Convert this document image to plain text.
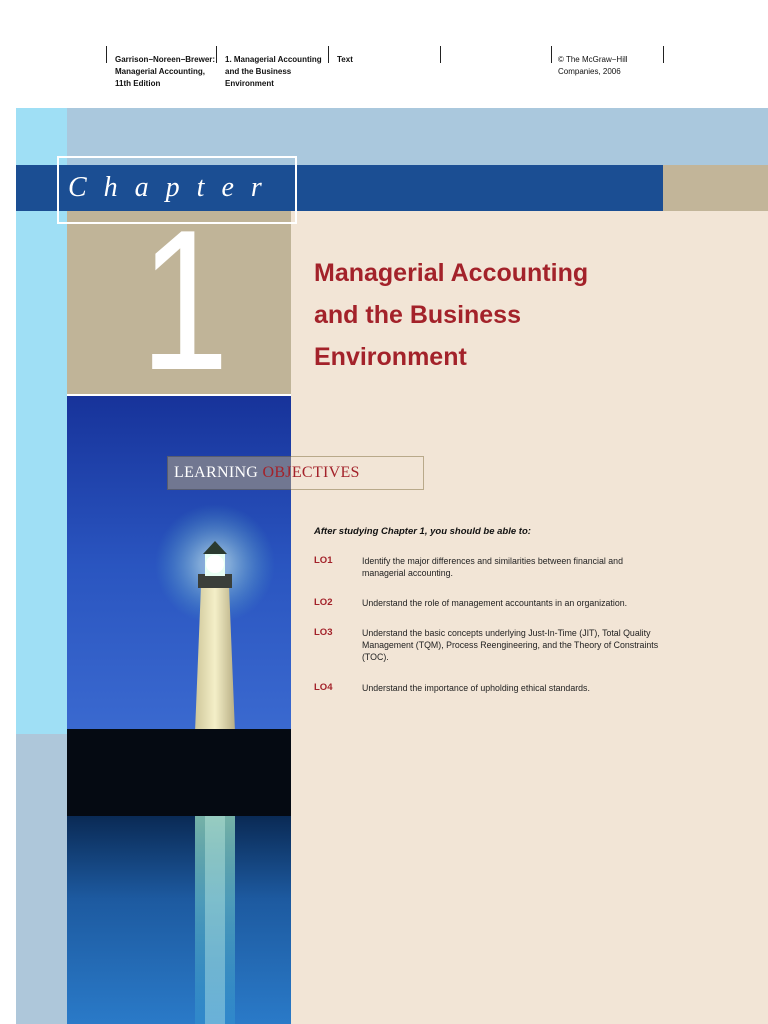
Garrison−Noreen−Brewer:
Managerial Accounting,
11th Edition
1. Managerial Accounting
and the Business
Environment
Text	© The McGraw−Hill
Companies, 2006
Chapter
1	Managerial Accounting
and the Business
Environment
LEARNING OBJECTIVES
After studying Chapter 1, you should be able to:
LO1	Identify the major differences and similarities between financial and managerial accounting.
LO2	Understand the role of management accountants in an organization.
LO3	Understand the basic concepts underlying Just-In-Time (JIT), Total Quality Management (TQM), Process Reengineering, and the Theory of Constraints (TOC).
LO4	Understand the importance of upholding ethical standards.
